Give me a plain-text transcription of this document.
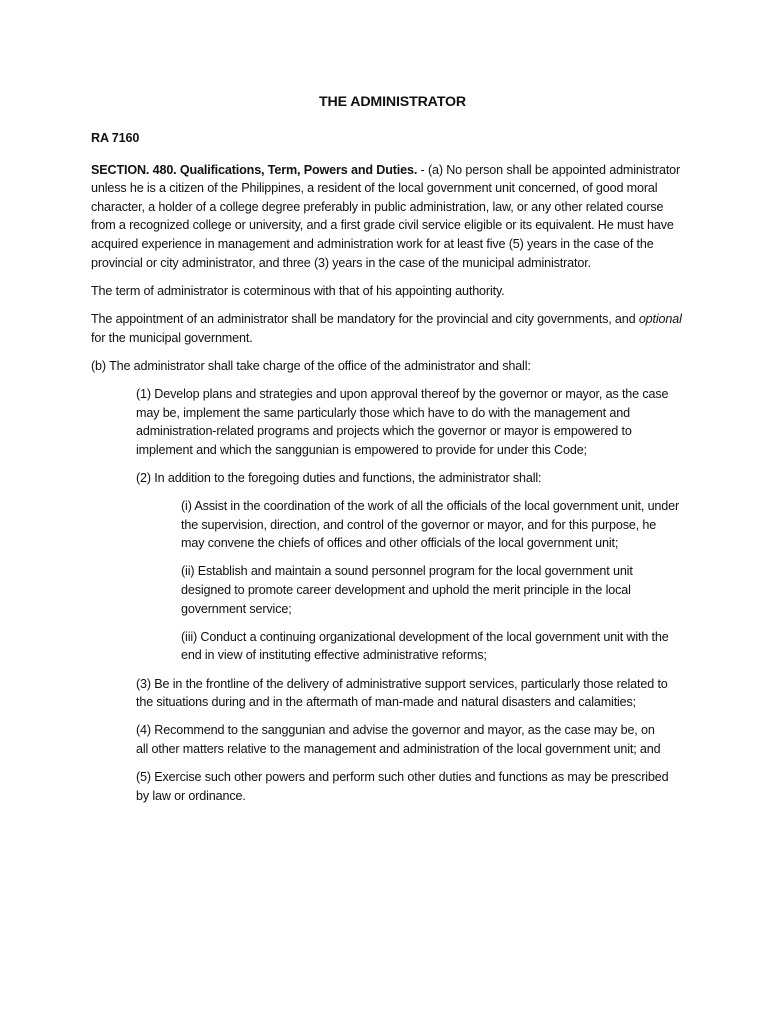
THE ADMINISTRATOR
RA 7160

SECTION. 480. Qualifications, Term, Powers and Duties. - (a) No person shall be appointed administrator unless he is a citizen of the Philippines, a resident of the local government unit concerned, of good moral character, a holder of a college degree preferably in public administration, law, or any other related course from a recognized college or university, and a first grade civil service eligible or its equivalent. He must have acquired experience in management and administration work for at least five (5) years in the case of the provincial or city administrator, and three (3) years in the case of the municipal administrator.

The term of administrator is coterminous with that of his appointing authority.

The appointment of an administrator shall be mandatory for the provincial and city governments, and optional for the municipal government.

(b) The administrator shall take charge of the office of the administrator and shall:

(1) Develop plans and strategies and upon approval thereof by the governor or mayor, as the case may be, implement the same particularly those which have to do with the management and administration-related programs and projects which the governor or mayor is empowered to implement and which the sanggunian is empowered to provide for under this Code;

(2) In addition to the foregoing duties and functions, the administrator shall:

(i) Assist in the coordination of the work of all the officials of the local government unit, under the supervision, direction, and control of the governor or mayor, and for this purpose, he may convene the chiefs of offices and other officials of the local government unit;

(ii) Establish and maintain a sound personnel program for the local government unit designed to promote career development and uphold the merit principle in the local government service;

(iii) Conduct a continuing organizational development of the local government unit with the end in view of instituting effective administrative reforms;

(3) Be in the frontline of the delivery of administrative support services, particularly those related to the situations during and in the aftermath of man-made and natural disasters and calamities;

(4) Recommend to the sanggunian and advise the governor and mayor, as the case may be, on all other matters relative to the management and administration of the local government unit; and

(5) Exercise such other powers and perform such other duties and functions as may be prescribed by law or ordinance.
